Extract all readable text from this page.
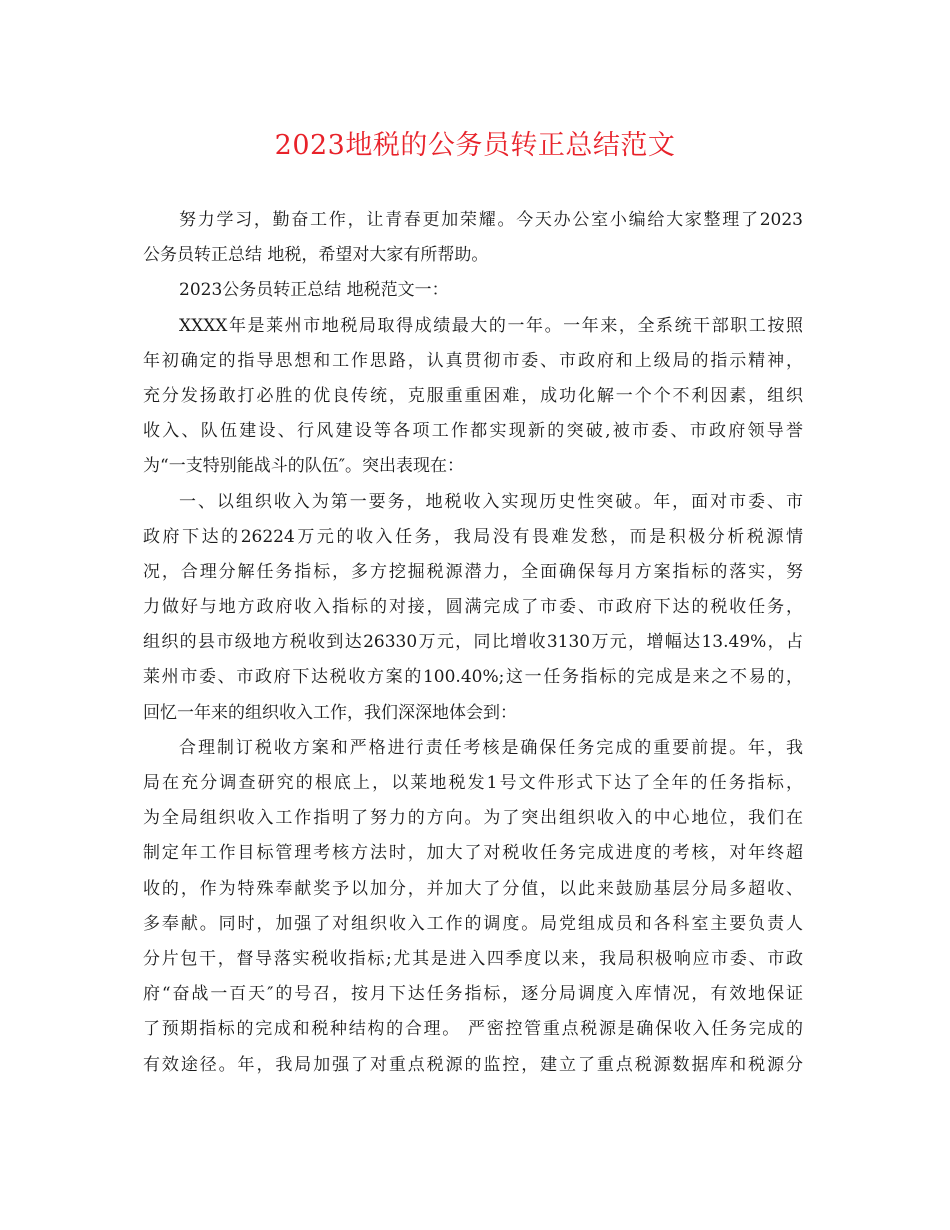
2023地税的公务员转正总结范文
努力学习，勤奋工作，让青春更加荣耀。今天办公室小编给大家整理了2023
公务员转正总结 地税，希望对大家有所帮助。
2023公务员转正总结 地税范文一：
XXXX年是莱州市地税局取得成绩最大的一年。一年来，全系统干部职工按照
年初确定的指导思想和工作思路，认真贯彻市委、市政府和上级局的指示精神，
充分发扬敢打必胜的优良传统，克服重重困难，成功化解一个个不利因素，组织
收入、队伍建设、行风建设等各项工作都实现新的突破,被市委、市政府领导誉
为“一支特别能战斗的队伍″。突出表现在：
一、以组织收入为第一要务，地税收入实现历史性突破。年，面对市委、市
政府下达的26224万元的收入任务，我局没有畏难发愁，而是积极分析税源情
况，合理分解任务指标，多方挖掘税源潜力，全面确保每月方案指标的落实，努
力做好与地方政府收入指标的对接，圆满完成了市委、市政府下达的税收任务，
组织的县市级地方税收到达26330万元，同比增收3130万元，增幅达13.49%，占
莱州市委、市政府下达税收方案的100.40%;这一任务指标的完成是来之不易的，
回忆一年来的组织收入工作，我们深深地体会到：
合理制订税收方案和严格进行责任考核是确保任务完成的重要前提。年，我
局在充分调查研究的根底上，以莱地税发1号文件形式下达了全年的任务指标，
为全局组织收入工作指明了努力的方向。为了突出组织收入的中心地位，我们在
制定年工作目标管理考核方法时，加大了对税收任务完成进度的考核，对年终超
收的，作为特殊奉献奖予以加分，并加大了分值，以此来鼓励基层分局多超收、
多奉献。同时，加强了对组织收入工作的调度。局党组成员和各科室主要负责人
分片包干，督导落实税收指标;尤其是进入四季度以来，我局积极响应市委、市政
府“奋战一百天″的号召，按月下达任务指标，逐分局调度入库情况，有效地保证
了预期指标的完成和税种结构的合理。 严密控管重点税源是确保收入任务完成的
有效途径。年，我局加强了对重点税源的监控，建立了重点税源数据库和税源分
